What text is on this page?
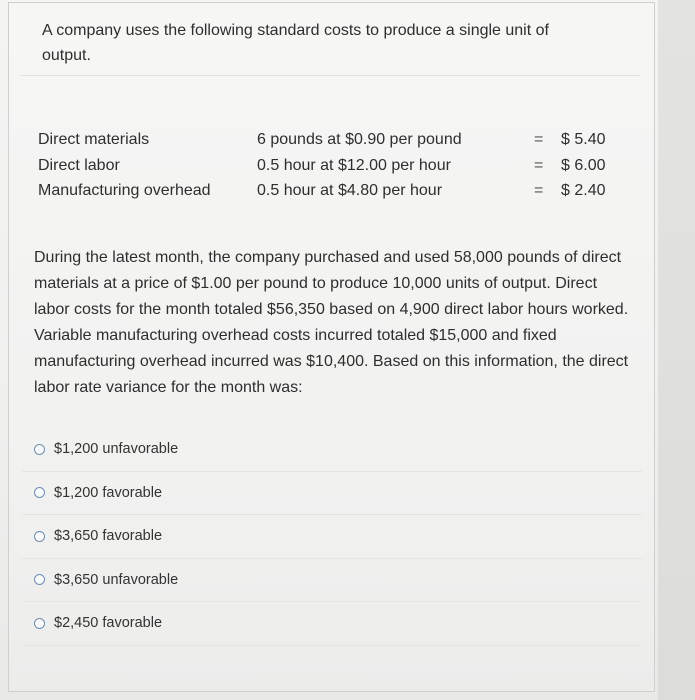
A company uses the following standard costs to produce a single unit of output.

Direct materials	6 pounds at $0.90 per pound	= $ 5.40
Direct labor	0.5 hour at $12.00 per hour	= $ 6.00
Manufacturing overhead	0.5 hour at $4.80 per hour	= $ 2.40

During the latest month, the company purchased and used 58,000 pounds of direct materials at a price of $1.00 per pound to produce 10,000 units of output. Direct labor costs for the month totaled $56,350 based on 4,900 direct labor hours worked. Variable manufacturing overhead costs incurred totaled $15,000 and fixed manufacturing overhead incurred was $10,400. Based on this information, the direct labor rate variance for the month was:

$1,200 unfavorable
$1,200 favorable
$3,650 favorable
$3,650 unfavorable
$2,450 favorable
